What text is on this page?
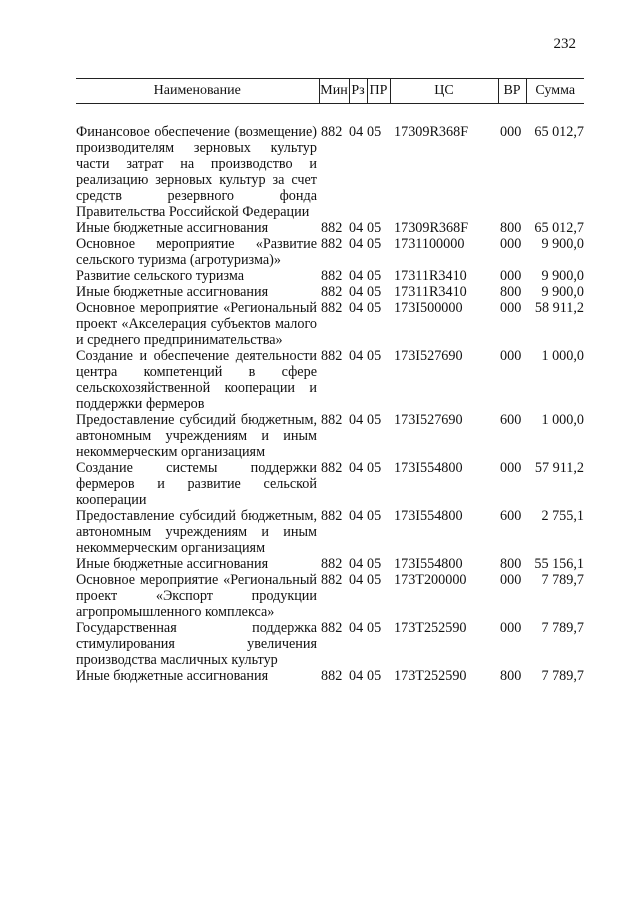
232
Наименование	Мин	Рз	ПР	ЦС	ВР	Сумма

Финансовое обеспечение (возмещение) производителям зерновых культур части затрат на производство и реализацию зерновых культур за счет средств резервного фонда Правительства Российской Федерации	882	04	05	17309R368F	000	65 012,7
Иные бюджетные ассигнования	882	04	05	17309R368F	800	65 012,7
Основное мероприятие «Развитие сельского туризма (агротуризма)»	882	04	05	1731100000	000	9 900,0
Развитие сельского туризма	882	04	05	17311R3410	000	9 900,0
Иные бюджетные ассигнования	882	04	05	17311R3410	800	9 900,0
Основное мероприятие «Региональный проект «Акселерация субъектов малого и среднего предпринимательства»	882	04	05	173I500000	000	58 911,2
Создание и обеспечение деятельности центра компетенций в сфере сельскохозяйственной кооперации и поддержки фермеров	882	04	05	173I527690	000	1 000,0
Предоставление субсидий бюджетным, автономным учреждениям и иным некоммерческим организациям	882	04	05	173I527690	600	1 000,0
Создание системы поддержки фермеров и развитие сельской кооперации	882	04	05	173I554800	000	57 911,2
Предоставление субсидий бюджетным, автономным учреждениям и иным некоммерческим организациям	882	04	05	173I554800	600	2 755,1
Иные бюджетные ассигнования	882	04	05	173I554800	800	55 156,1
Основное мероприятие «Региональный проект «Экспорт продукции агропромышленного комплекса»	882	04	05	173T200000	000	7 789,7
Государственная поддержка стимулирования увеличения производства масличных культур	882	04	05	173T252590	000	7 789,7
Иные бюджетные ассигнования	882	04	05	173T252590	800	7 789,7
